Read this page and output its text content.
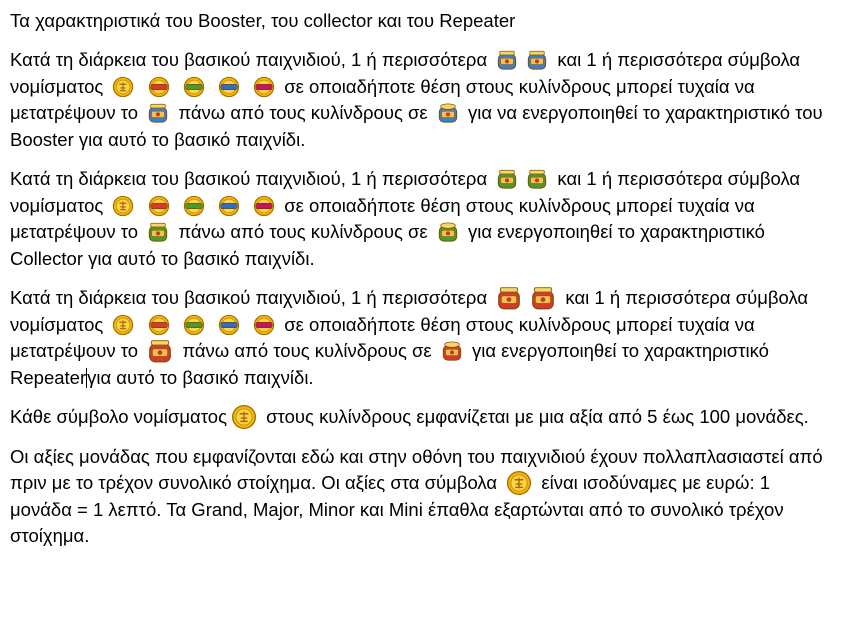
Τα χαρακτηριστικά του Booster, του collector και του Repeater
Κατά τη διάρκεια του βασικού παιχνιδιού, 1 ή περισσότερα	και 1 ή περισσότερα σύμβολα νομίσματος

	σε οποιαδήποτε θέση στους κυλίνδρους μπορεί τυχαία να μετατρέψουν το πάνω από τους κυλίνδρους σε για να ενεργοποιηθεί το χαρακτηριστικό του Booster για αυτό το βασικό παιχνίδι.
Κατά τη διάρκεια του βασικού παιχνιδιού, 1 ή περισσότερα	και 1 ή περισσότερα σύμβολα νομίσματος

	σε οποιαδήποτε θέση στους κυλίνδρους μπορεί τυχαία να μετατρέψουν το πάνω από τους κυλίνδρους σε για ενεργοποιηθεί το χαρακτηριστικό Collector για αυτό το βασικό παιχνίδι.
Κατά τη διάρκεια του βασικού παιχνιδιού, 1 ή περισσότερα	και 1 ή περισσότερα σύμβολα νομίσματος

	σε οποιαδήποτε θέση στους κυλίνδρους μπορεί τυχαία να μετατρέψουν το πάνω από τους κυλίνδρους σε για ενεργοποιηθεί το χαρακτηριστικό Repeaterγια αυτό το βασικό παιχνίδι.
Κάθε σύμβολο νομίσματος στους κυλίνδρους εμφανίζεται με μια αξία από 5 έως 100 μονάδες.
Οι αξίες μονάδας που εμφανίζονται εδώ και στην οθόνη του παιχνιδιού έχουν πολλαπλασιαστεί από πριν με το τρέχον συνολικό στοίχημα. Οι αξίες στα σύμβολα είναι ισοδύναμες με ευρώ: 1 μονάδα = 1 λεπτό. Τα Grand, Major, Minor και Mini έπαθλα εξαρτώνται από το συνολικό τρέχον στοίχημα.
